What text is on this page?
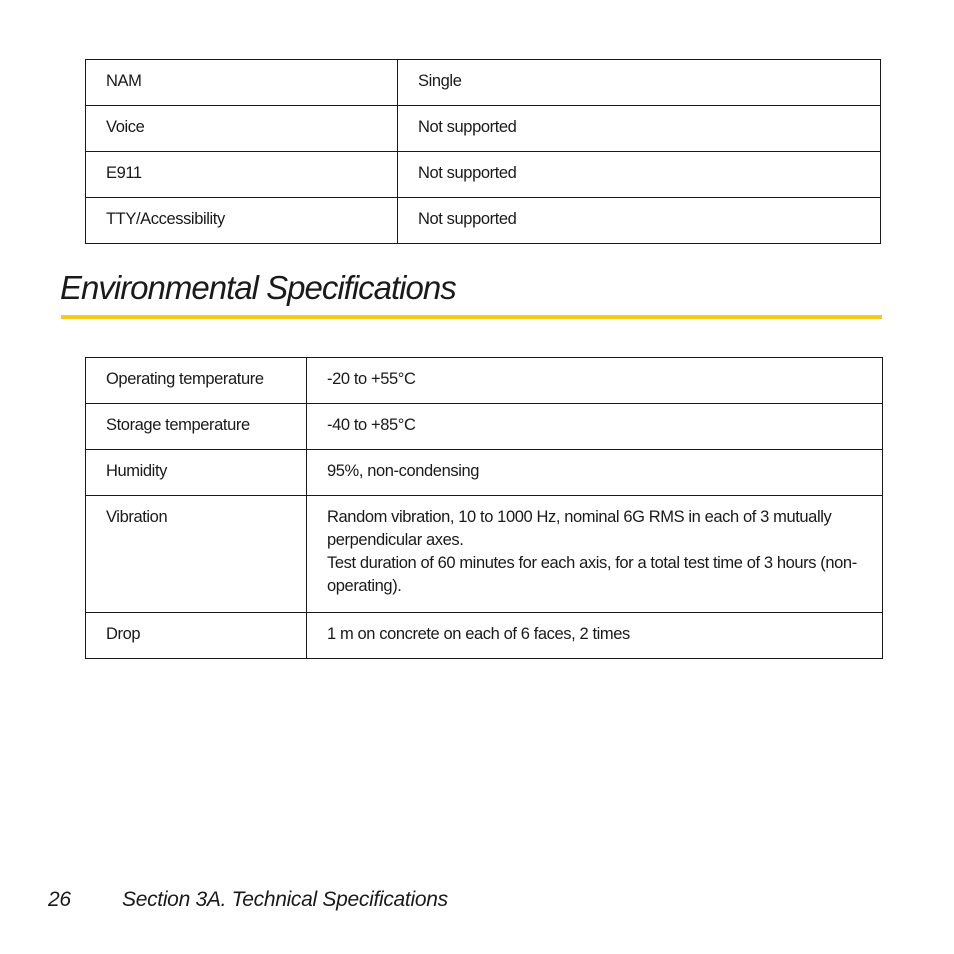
NAM	Single
Voice	Not supported
E911	Not supported
TTY/Accessibility	Not supported
Environmental Specifications
Operating temperature	-20 to +55°C
Storage temperature	-40 to +85°C
Humidity	95%, non-condensing
Vibration	Random vibration, 10 to 1000 Hz, nominal 6G RMS in each of 3 mutually perpendicular axes.

Test duration of 60 minutes for each axis, for a total test time of 3 hours (non-operating).

Drop	1 m on concrete on each of 6 faces, 2 times
26 Section 3A. Technical Specifications
